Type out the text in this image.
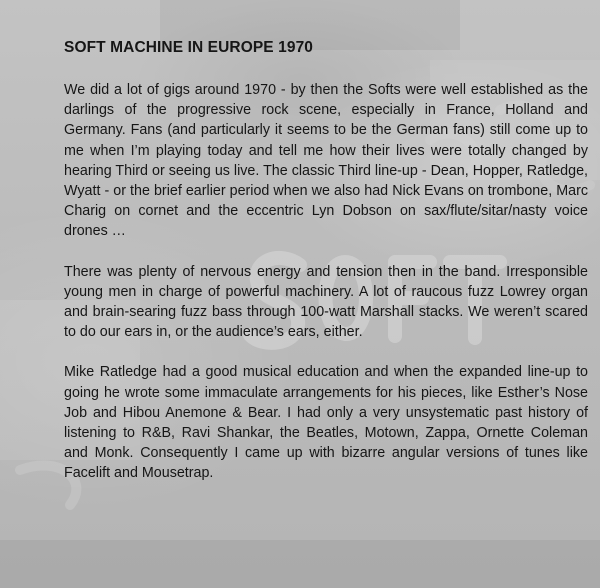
SOFT MACHINE IN EUROPE 1970

We did a lot of gigs around 1970 - by then the Softs were well established as the darlings of the progressive rock scene, especially in France, Holland and Germany. Fans (and particularly it seems to be the German fans) still come up to me when I’m playing today and tell me how their lives were totally changed by hearing Third or seeing us live. The classic Third line-up - Dean, Hopper, Ratledge, Wyatt - or the brief earlier period when we also had Nick Evans on trombone, Marc Charig on cornet and the eccentric Lyn Dobson on sax/flute/sitar/nasty voice drones …

There was plenty of nervous energy and tension then in the band. Irresponsible young men in charge of powerful machinery. A lot of raucous fuzz Lowrey organ and brain-searing fuzz bass through 100-watt Marshall stacks. We weren’t scared to do our ears in, or the audience’s ears, either.

Mike Ratledge had a good musical education and when the expanded line-up to going he wrote some immaculate arrangements for his pieces, like Esther’s Nose Job and Hibou Anemone & Bear. I had only a very unsystematic past history of listening to R&B, Ravi Shankar, the Beatles, Motown, Zappa, Ornette Coleman and Monk. Consequently I came up with bizarre angular versions of tunes like Facelift and Mousetrap.
